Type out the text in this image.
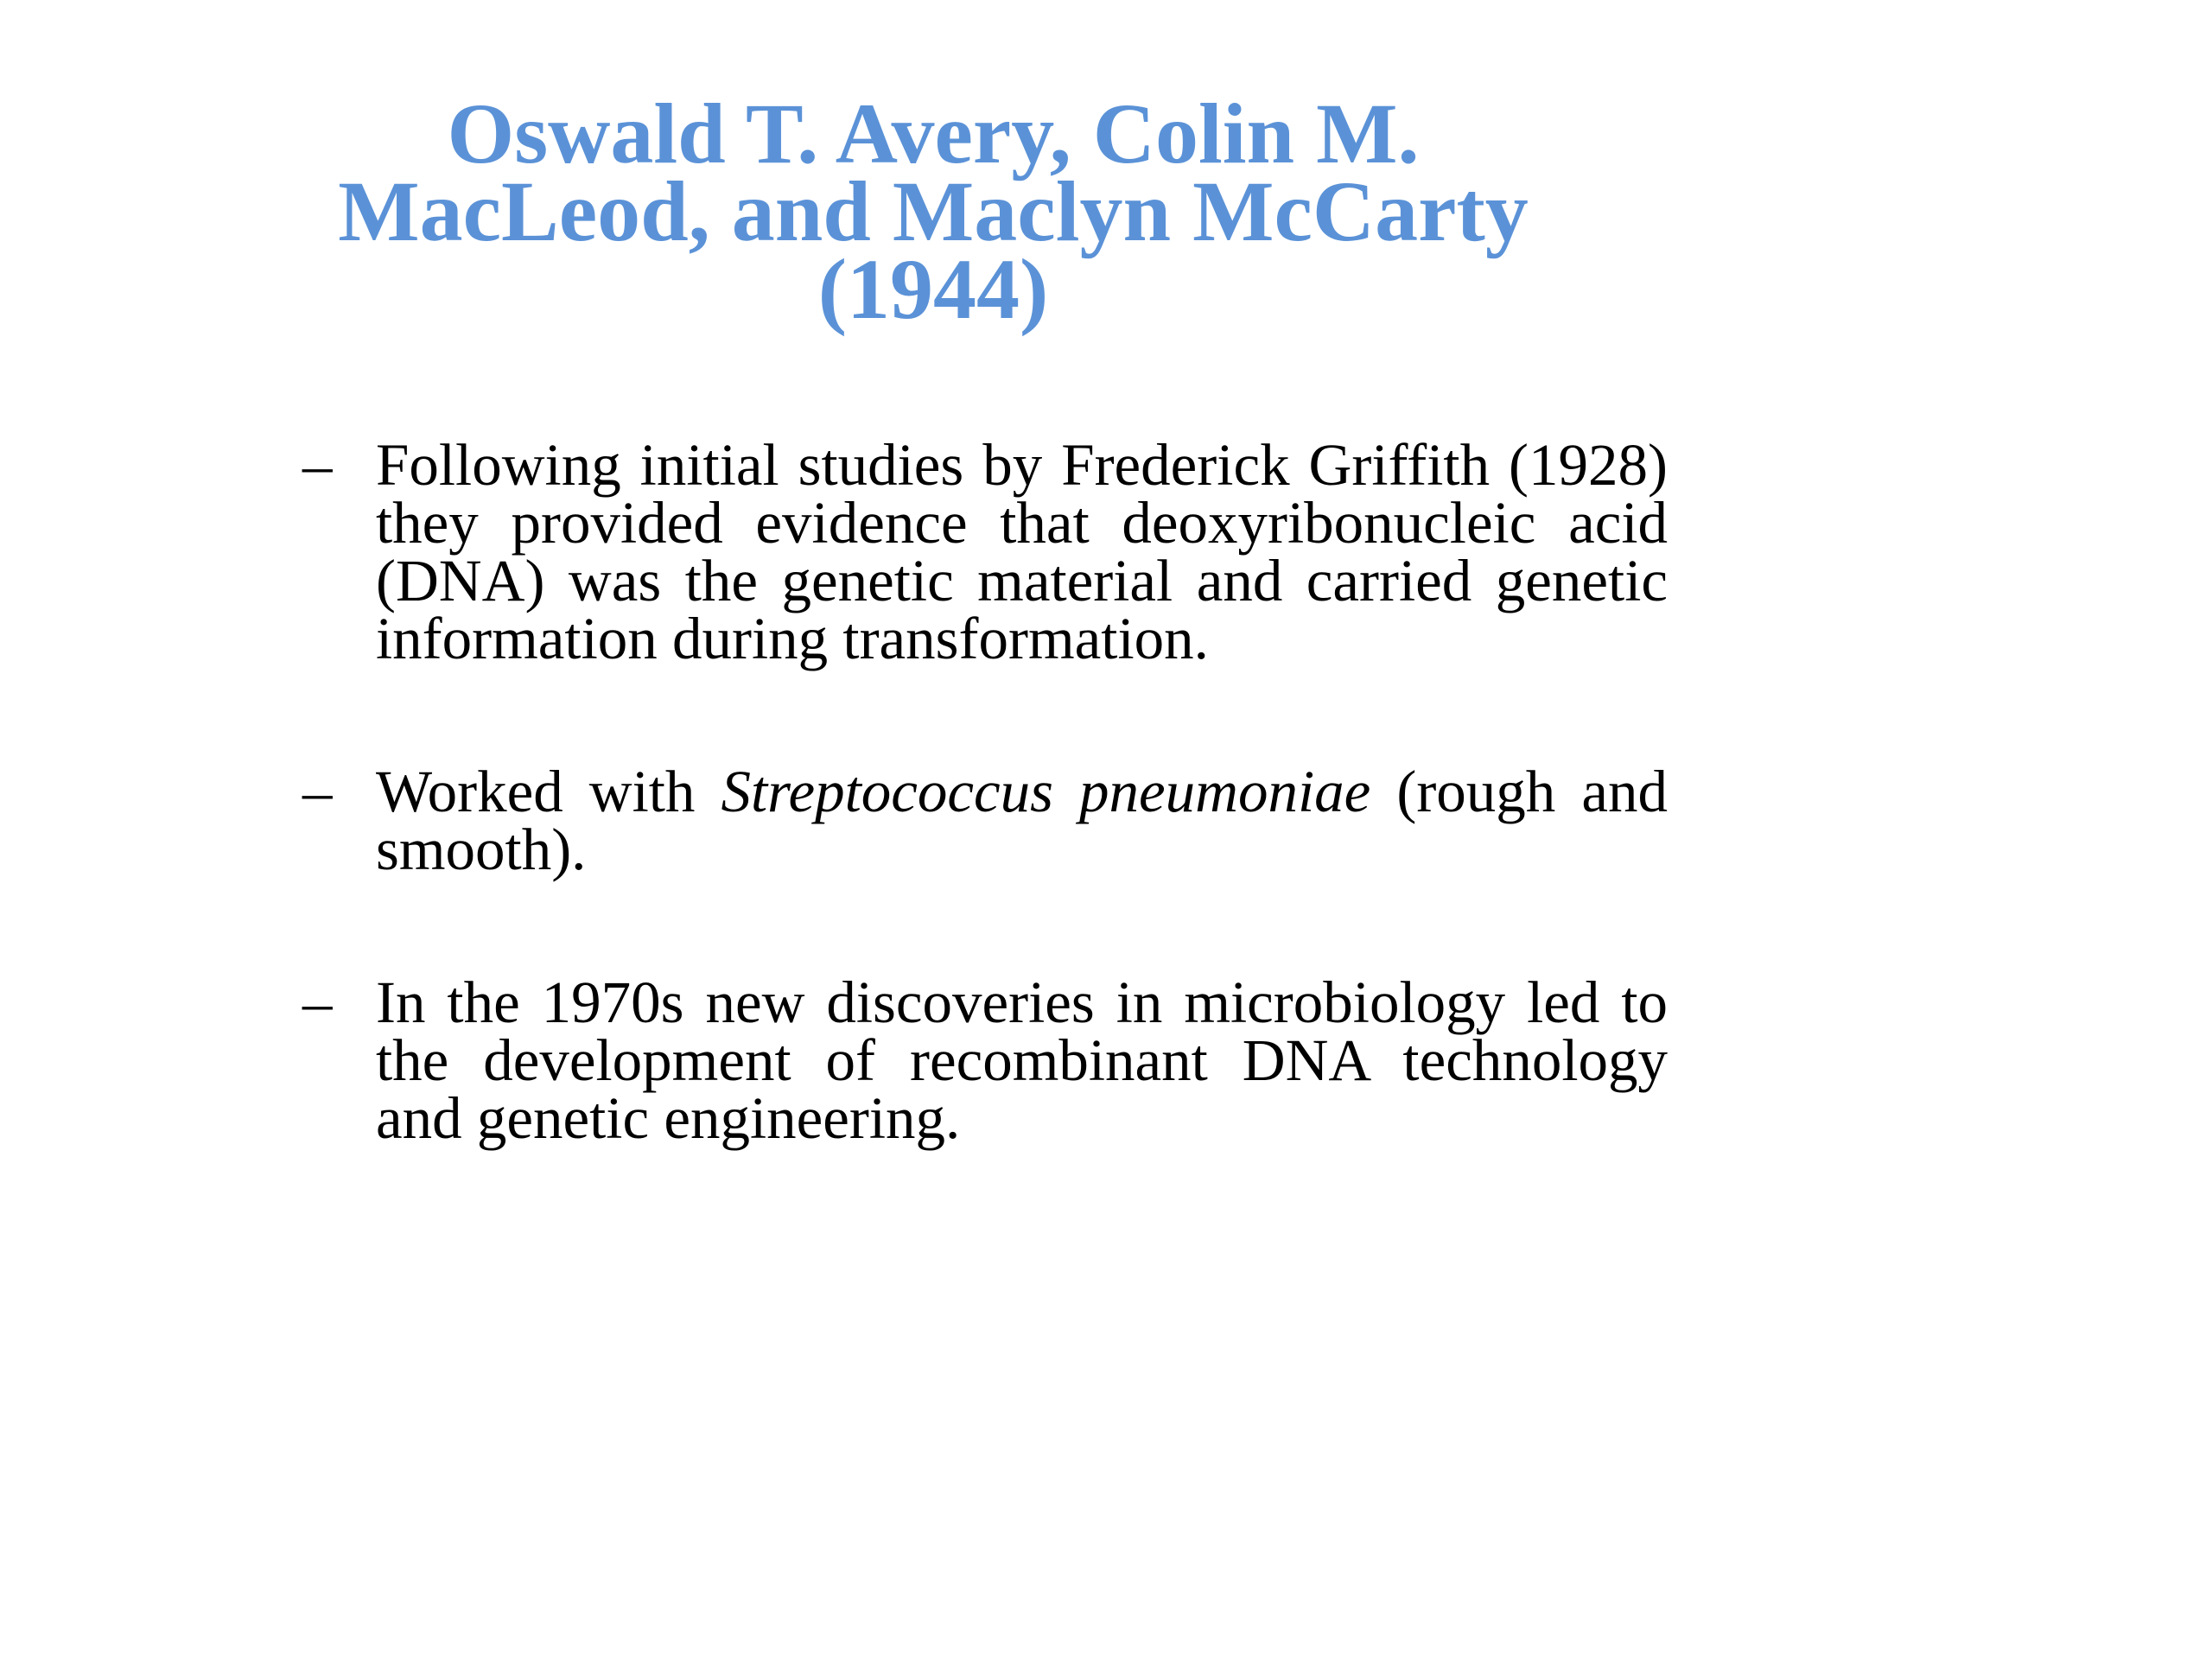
Oswald T. Avery, Colin M.
MacLeod, and Maclyn McCarty
(1944)
– Following initial studies by Frederick Griffith (1928) they provided evidence that deoxyribonucleic acid (DNA) was the genetic material and carried genetic information during transformation.
– Worked with Streptococcus pneumoniae (rough and smooth).
– In the 1970s new discoveries in microbiology led to the development of recombinant DNA technology and genetic engineering.
